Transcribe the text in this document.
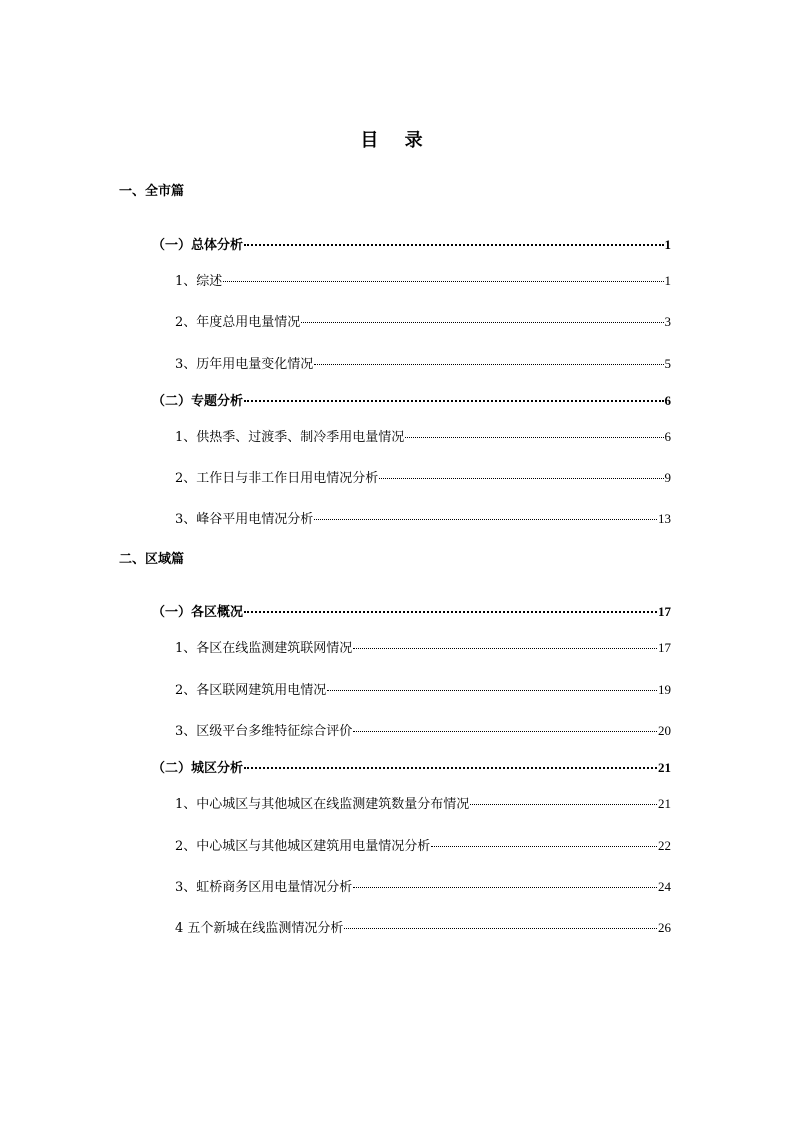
目 录
一、全市篇
（一）总体分析	1
1、综述	1
2、年度总用电量情况	3
3、历年用电量变化情况	5
（二）专题分析	6
1、供热季、过渡季、制冷季用电量情况	6
2、工作日与非工作日用电情况分析	9
3、峰谷平用电情况分析	13
二、区域篇
（一）各区概况	17
1、各区在线监测建筑联网情况	17
2、各区联网建筑用电情况	19
3、区级平台多维特征综合评价	20
（二）城区分析	21
1、中心城区与其他城区在线监测建筑数量分布情况	21
2、中心城区与其他城区建筑用电量情况分析	22
3、虹桥商务区用电量情况分析	24
4 五个新城在线监测情况分析	26
